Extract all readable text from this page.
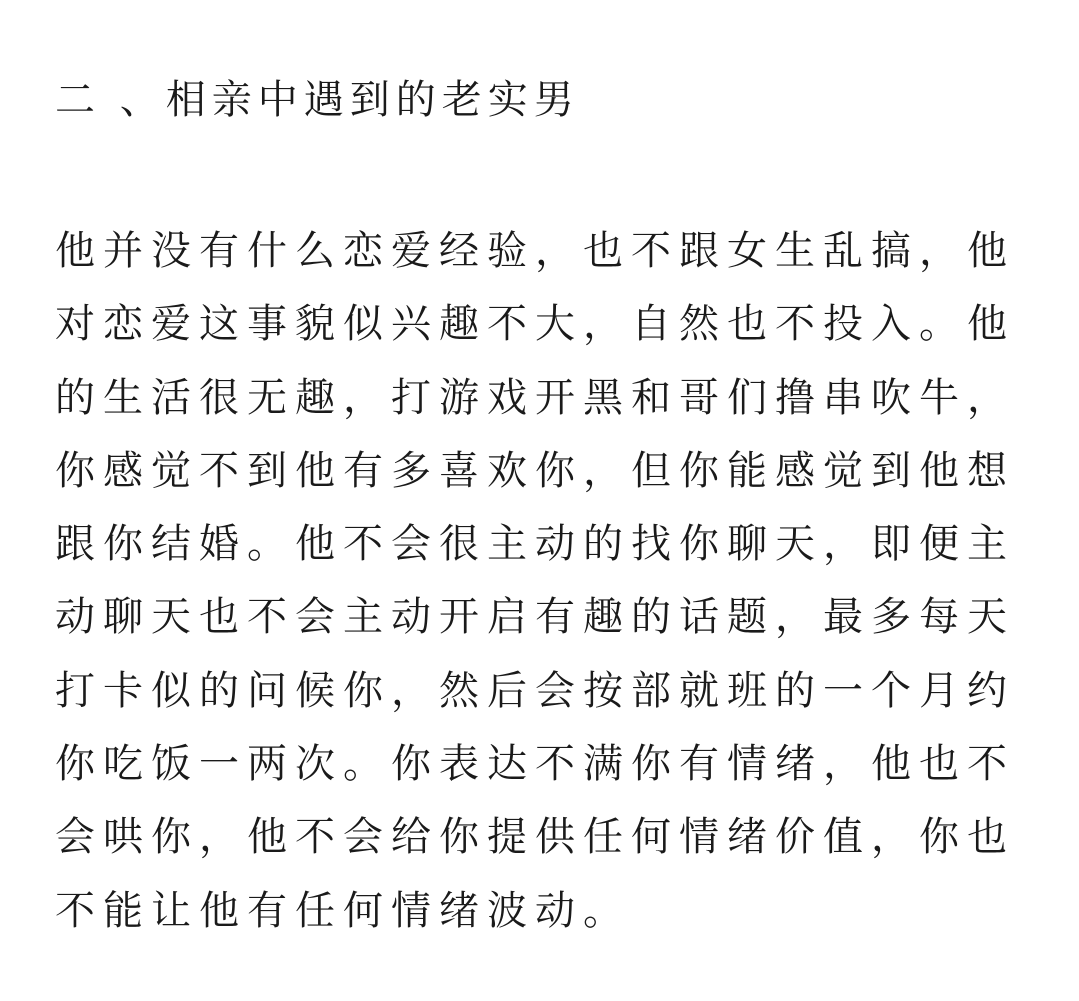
二 、相亲中遇到的老实男
他并没有什么恋爱经验，也不跟女生乱搞，他
对恋爱这事貌似兴趣不大，自然也不投入。他
的生活很无趣，打游戏开黑和哥们撸串吹牛，
你感觉不到他有多喜欢你，但你能感觉到他想
跟你结婚。他不会很主动的找你聊天，即便主
动聊天也不会主动开启有趣的话题，最多每天
打卡似的问候你，然后会按部就班的一个月约
你吃饭一两次。你表达不满你有情绪，他也不
会哄你，他不会给你提供任何情绪价值，你也
不能让他有任何情绪波动。
